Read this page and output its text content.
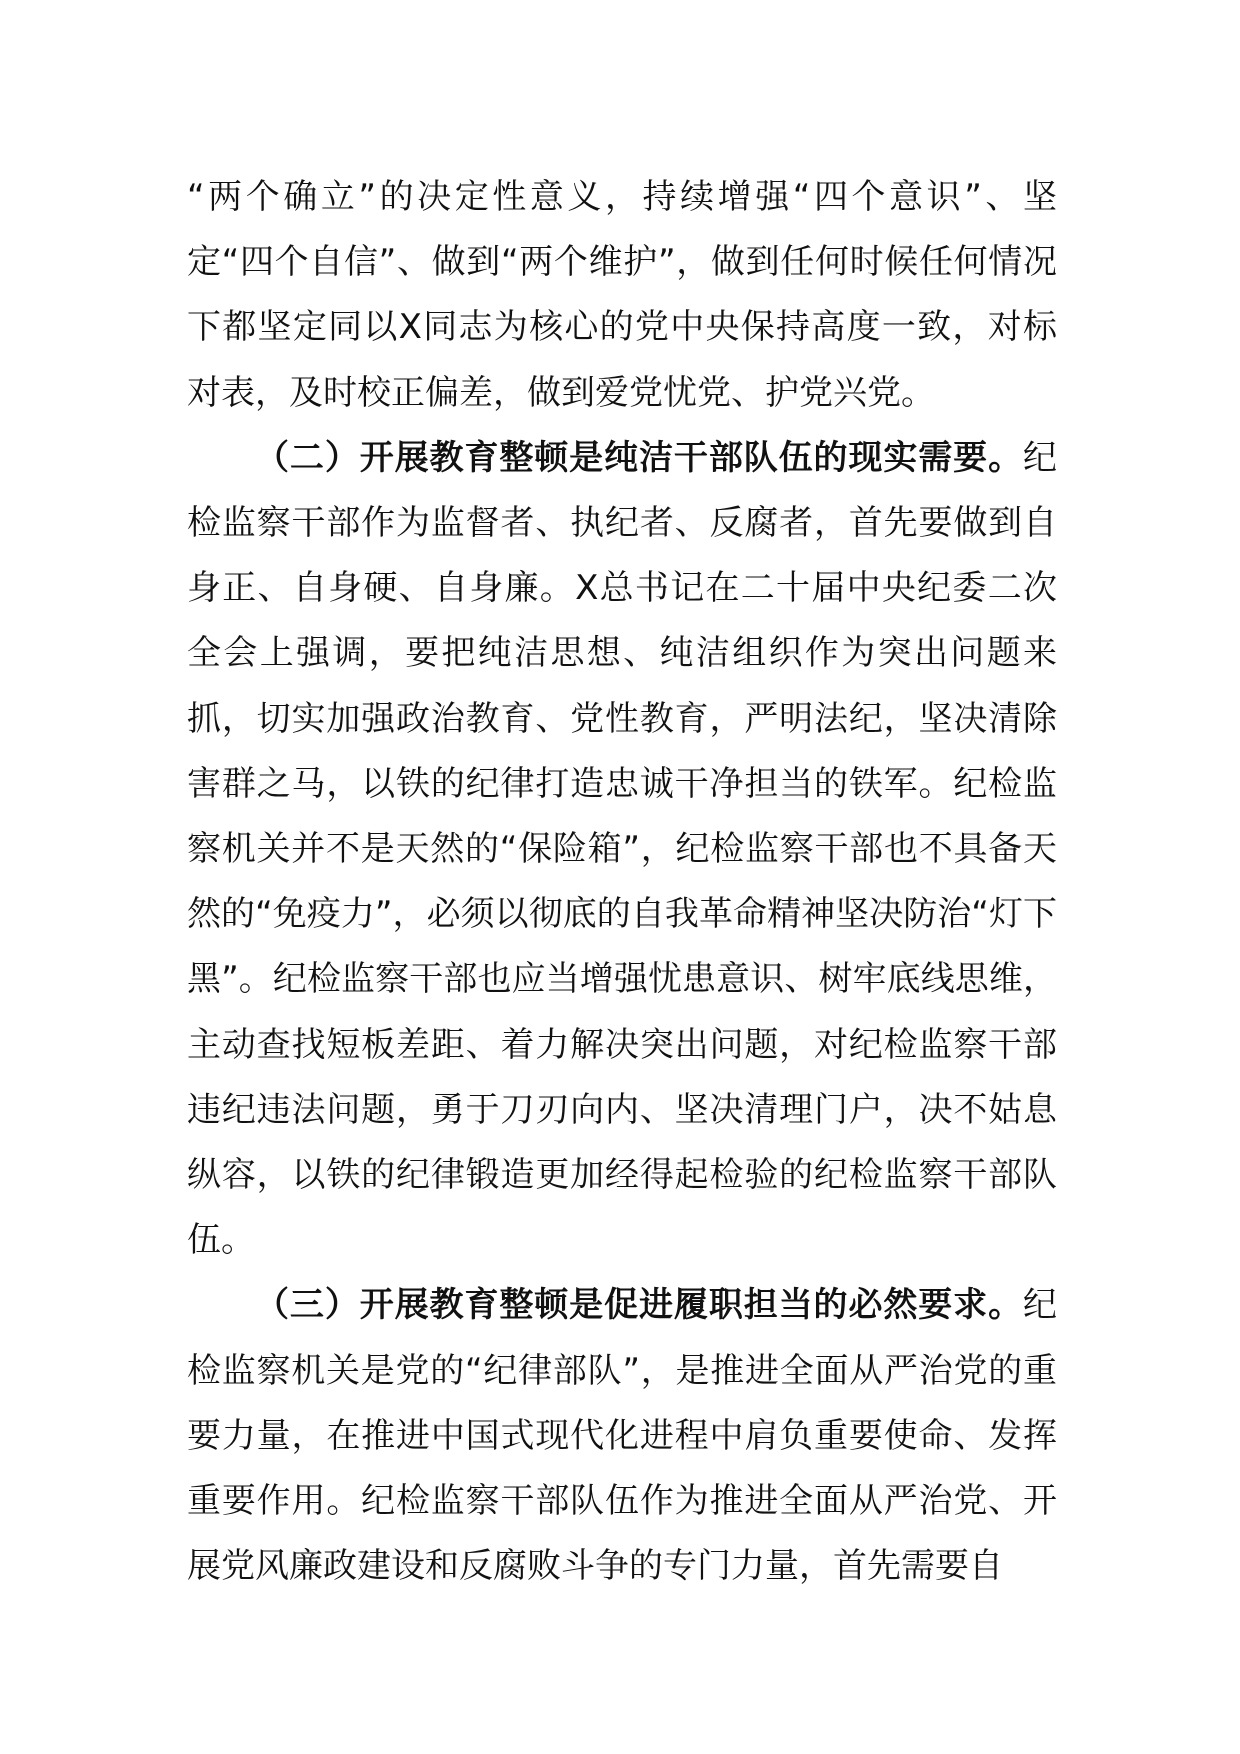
“两个确立”的决定性意义，持续增强“四个意识”、坚定“四个自信”、做到“两个维护”，做到任何时候任何情况下都坚定同以X同志为核心的党中央保持高度一致，对标对表，及时校正偏差，做到爱党忧党、护党兴党。

（二）开展教育整顿是纯洁干部队伍的现实需要。纪检监察干部作为监督者、执纪者、反腐者，首先要做到自身正、自身硬、自身廉。X总书记在二十届中央纪委二次全会上强调，要把纯洁思想、纯洁组织作为突出问题来抓，切实加强政治教育、党性教育，严明法纪，坚决清除害群之马，以铁的纪律打造忠诚干净担当的铁军。纪检监察机关并不是天然的“保险箱”，纪检监察干部也不具备天然的“免疫力”，必须以彻底的自我革命精神坚决防治“灯下黑”。纪检监察干部也应当增强忧患意识、树牢底线思维，主动查找短板差距、着力解决突出问题，对纪检监察干部违纪违法问题，勇于刀刃向内、坚决清理门户，决不姑息纵容，以铁的纪律锻造更加经得起检验的纪检监察干部队伍。

（三）开展教育整顿是促进履职担当的必然要求。纪检监察机关是党的“纪律部队”，是推进全面从严治党的重要力量，在推进中国式现代化进程中肩负重要使命、发挥重要作用。纪检监察干部队伍作为推进全面从严治党、开展党风廉政建设和反腐败斗争的专门力量，首先需要自
